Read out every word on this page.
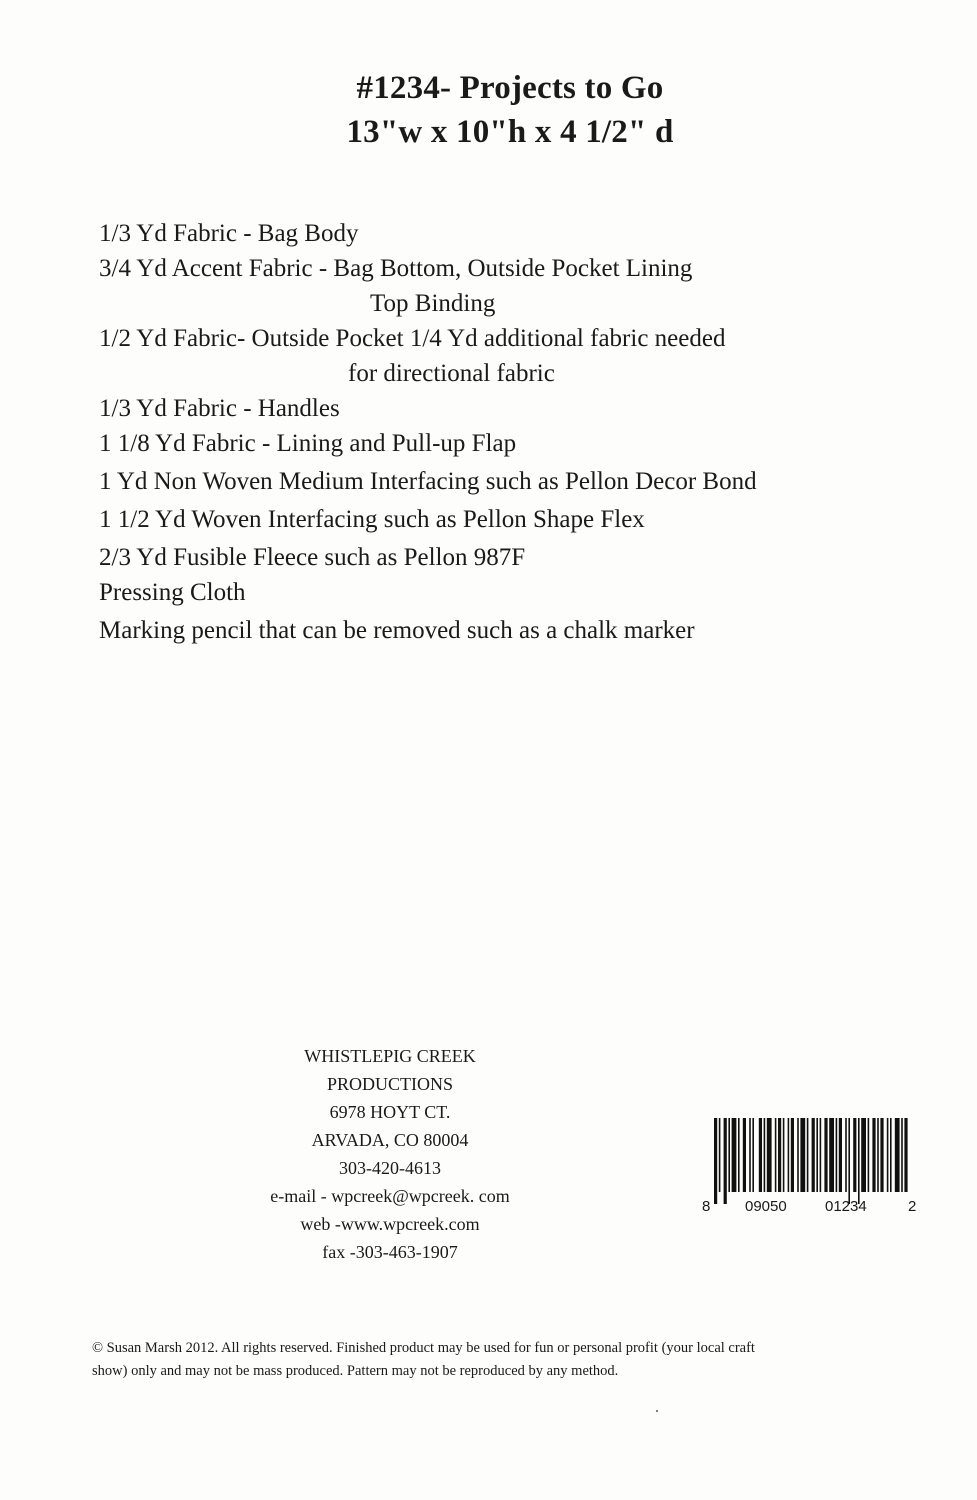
#1234- Projects to Go
13"w x 10"h x 4 1/2" d
1/3 Yd Fabric - Bag Body
3/4 Yd Accent Fabric - Bag Bottom, Outside Pocket Lining
Top Binding
1/2 Yd Fabric- Outside Pocket 1/4 Yd additional fabric needed
for directional fabric
1/3 Yd Fabric - Handles
1 1/8 Yd Fabric - Lining and Pull-up Flap
1 Yd Non Woven Medium Interfacing such as Pellon Decor Bond
1 1/2 Yd Woven Interfacing such as Pellon Shape Flex
2/3 Yd Fusible Fleece such as Pellon 987F
Pressing Cloth
Marking pencil that can be removed such as a chalk marker
WHISTLEPIG CREEK
PRODUCTIONS
6978 HOYT CT.
ARVADA, CO 80004
303-420-4613
e-mail - wpcreek@wpcreek. com
web -www.wpcreek.com
fax -303-463-1907
8 09050	01234	2
© Susan Marsh 2012. All rights reserved. Finished product may be used for fun or personal profit (your local craft
show) only and may not be mass produced. Pattern may not be reproduced by any method.
